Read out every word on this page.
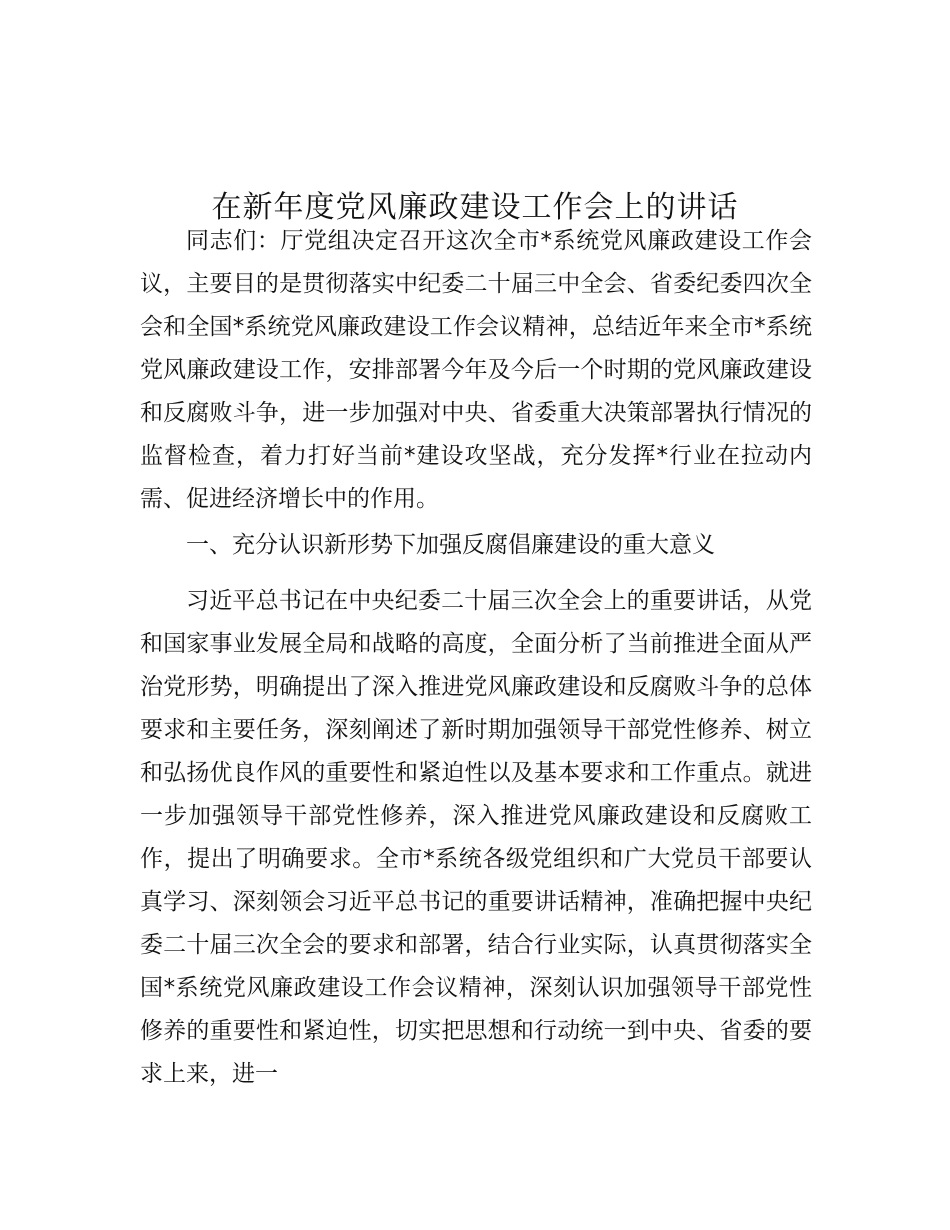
在新年度党风廉政建设工作会上的讲话

同志们：厅党组决定召开这次全市*系统党风廉政建设工作会议，主要目的是贯彻落实中纪委二十届三中全会、省委纪委四次全会和全国*系统党风廉政建设工作会议精神，总结近年来全市*系统党风廉政建设工作，安排部署今年及今后一个时期的党风廉政建设和反腐败斗争，进一步加强对中央、省委重大决策部署执行情况的监督检查，着力打好当前*建设攻坚战，充分发挥*行业在拉动内需、促进经济增长中的作用。

一、充分认识新形势下加强反腐倡廉建设的重大意义

习近平总书记在中央纪委二十届三次全会上的重要讲话，从党和国家事业发展全局和战略的高度，全面分析了当前推进全面从严治党形势，明确提出了深入推进党风廉政建设和反腐败斗争的总体要求和主要任务，深刻阐述了新时期加强领导干部党性修养、树立和弘扬优良作风的重要性和紧迫性以及基本要求和工作重点。就进一步加强领导干部党性修养，深入推进党风廉政建设和反腐败工作，提出了明确要求。全市*系统各级党组织和广大党员干部要认真学习、深刻领会习近平总书记的重要讲话精神，准确把握中央纪委二十届三次全会的要求和部署，结合行业实际，认真贯彻落实全国*系统党风廉政建设工作会议精神，深刻认识加强领导干部党性修养的重要性和紧迫性，切实把思想和行动统一到中央、省委的要求上来，进一
